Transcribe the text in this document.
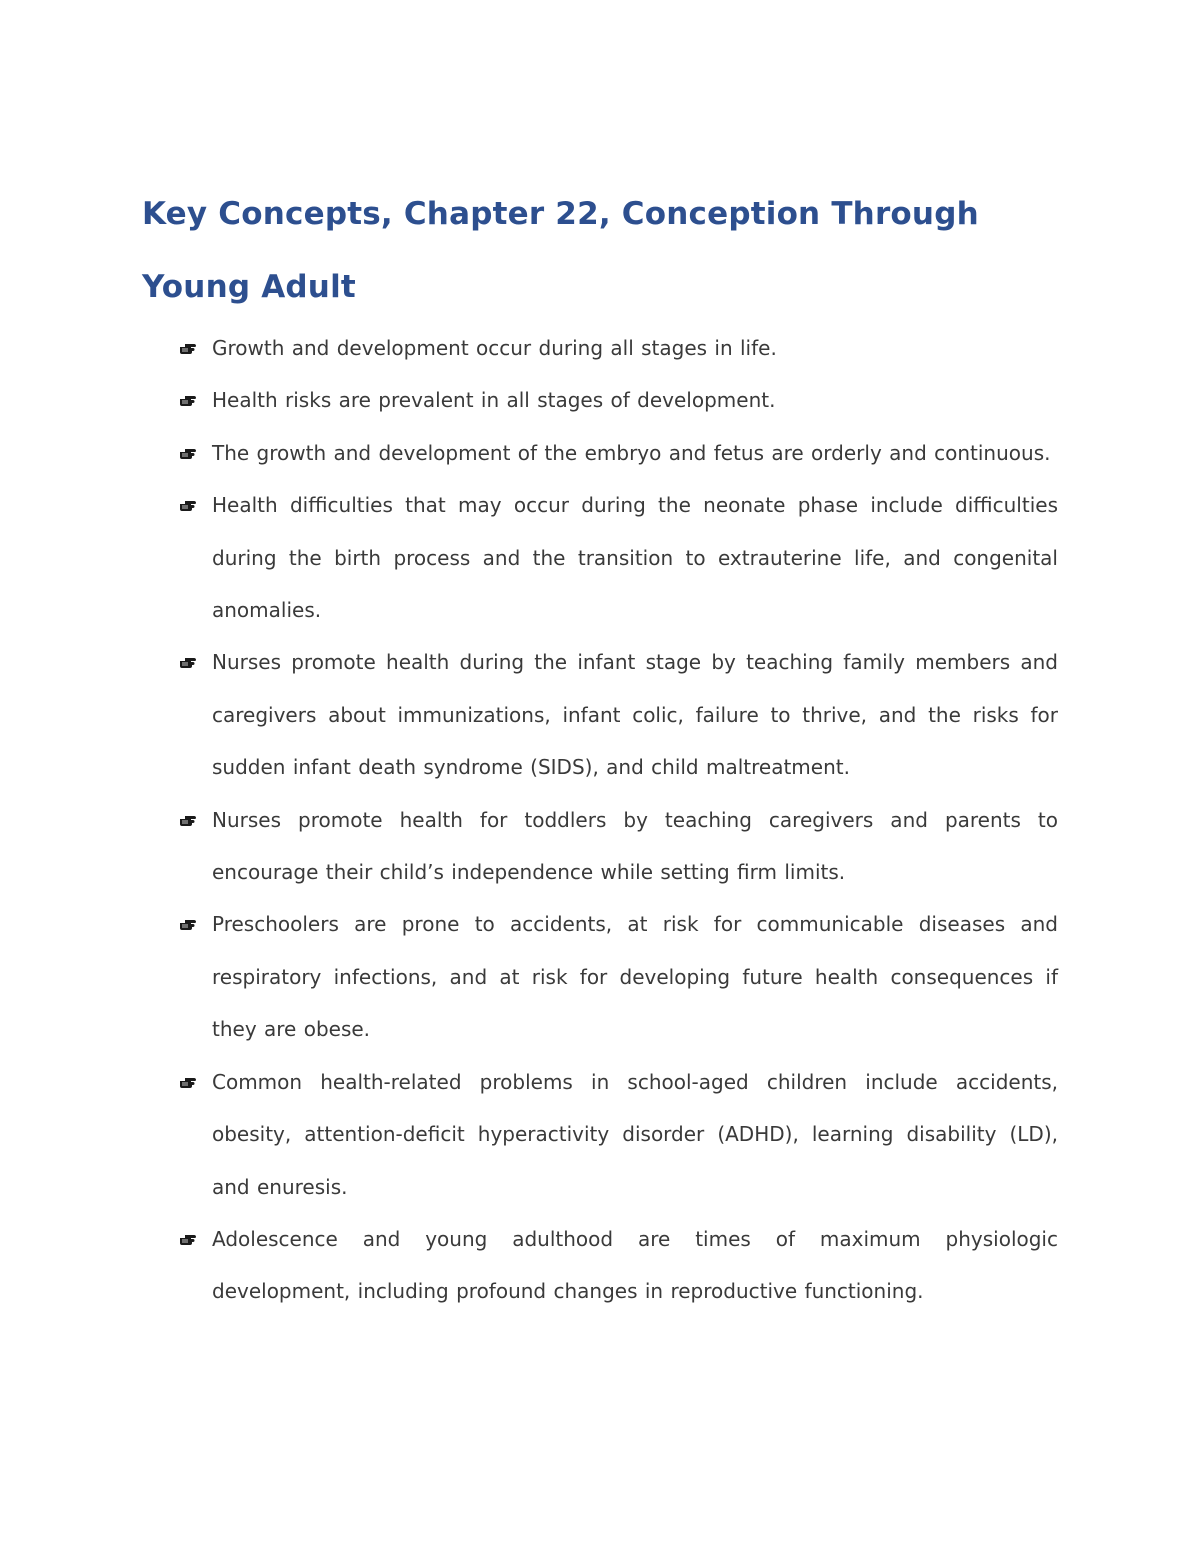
Key Concepts, Chapter 22, Conception Through Young Adult
Growth and development occur during all stages in life.
Health risks are prevalent in all stages of development.
The growth and development of the embryo and fetus are orderly and continuous.
Health difficulties that may occur during the neonate phase include difficulties during the birth process and the transition to extrauterine life, and congenital anomalies.
Nurses promote health during the infant stage by teaching family members and caregivers about immunizations, infant colic, failure to thrive, and the risks for sudden infant death syndrome (SIDS), and child maltreatment.
Nurses promote health for toddlers by teaching caregivers and parents to encourage their child’s independence while setting firm limits.
Preschoolers are prone to accidents, at risk for communicable diseases and respiratory infections, and at risk for developing future health consequences if they are obese.
Common health-related problems in school-aged children include accidents, obesity, attention-deficit hyperactivity disorder (ADHD), learning disability (LD), and enuresis.
Adolescence and young adulthood are times of maximum physiologic development, including profound changes in reproductive functioning.
